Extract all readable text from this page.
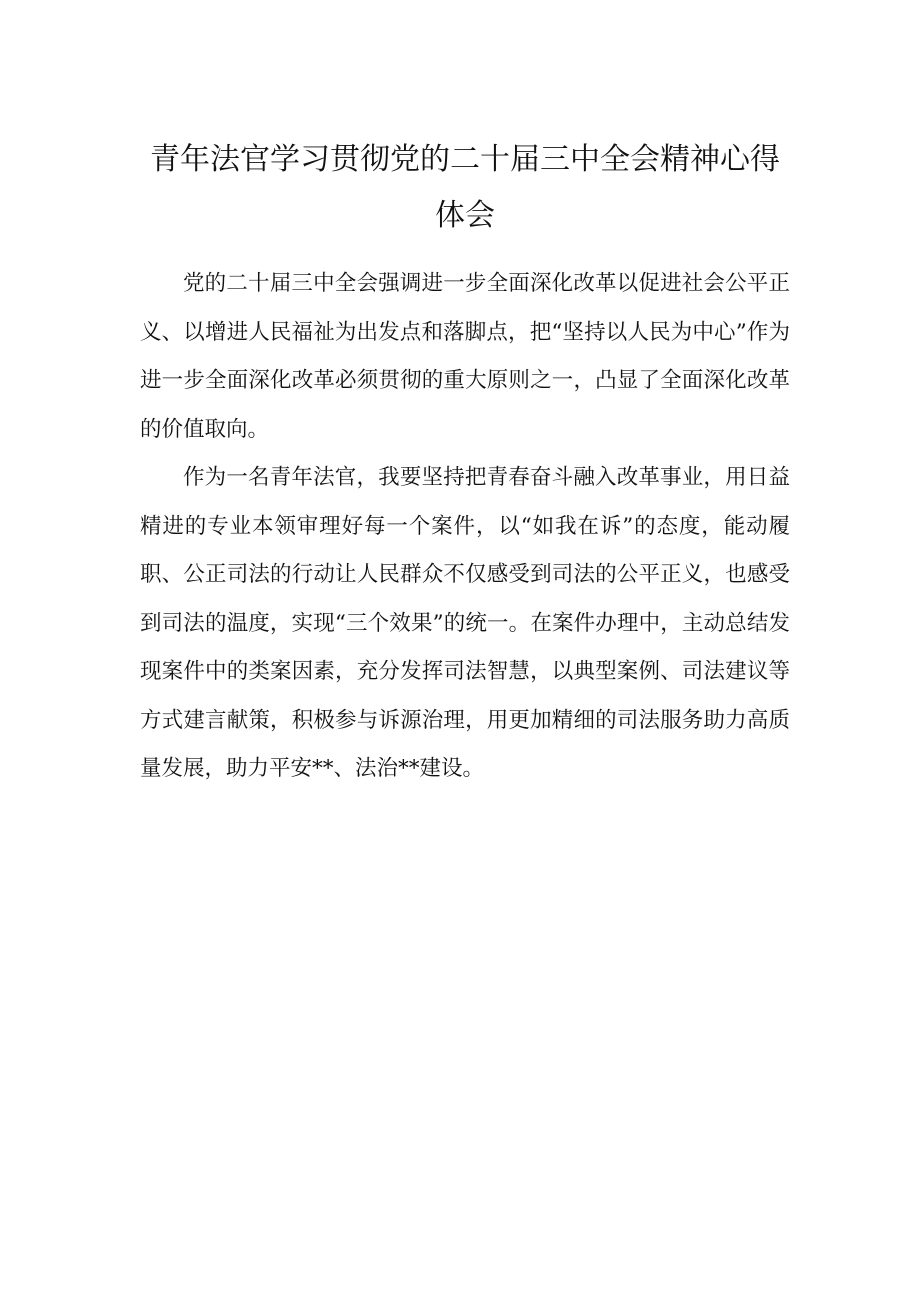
青年法官学习贯彻党的二十届三中全会精神心得体会

党的二十届三中全会强调进一步全面深化改革以促进社会公平正义、以增进人民福祉为出发点和落脚点，把“坚持以人民为中心”作为进一步全面深化改革必须贯彻的重大原则之一，凸显了全面深化改革的价值取向。

作为一名青年法官，我要坚持把青春奋斗融入改革事业，用日益精进的专业本领审理好每一个案件，以“如我在诉”的态度，能动履职、公正司法的行动让人民群众不仅感受到司法的公平正义，也感受到司法的温度，实现“三个效果”的统一。在案件办理中，主动总结发现案件中的类案因素，充分发挥司法智慧，以典型案例、司法建议等方式建言献策，积极参与诉源治理，用更加精细的司法服务助力高质量发展，助力平安**、法治**建设。
